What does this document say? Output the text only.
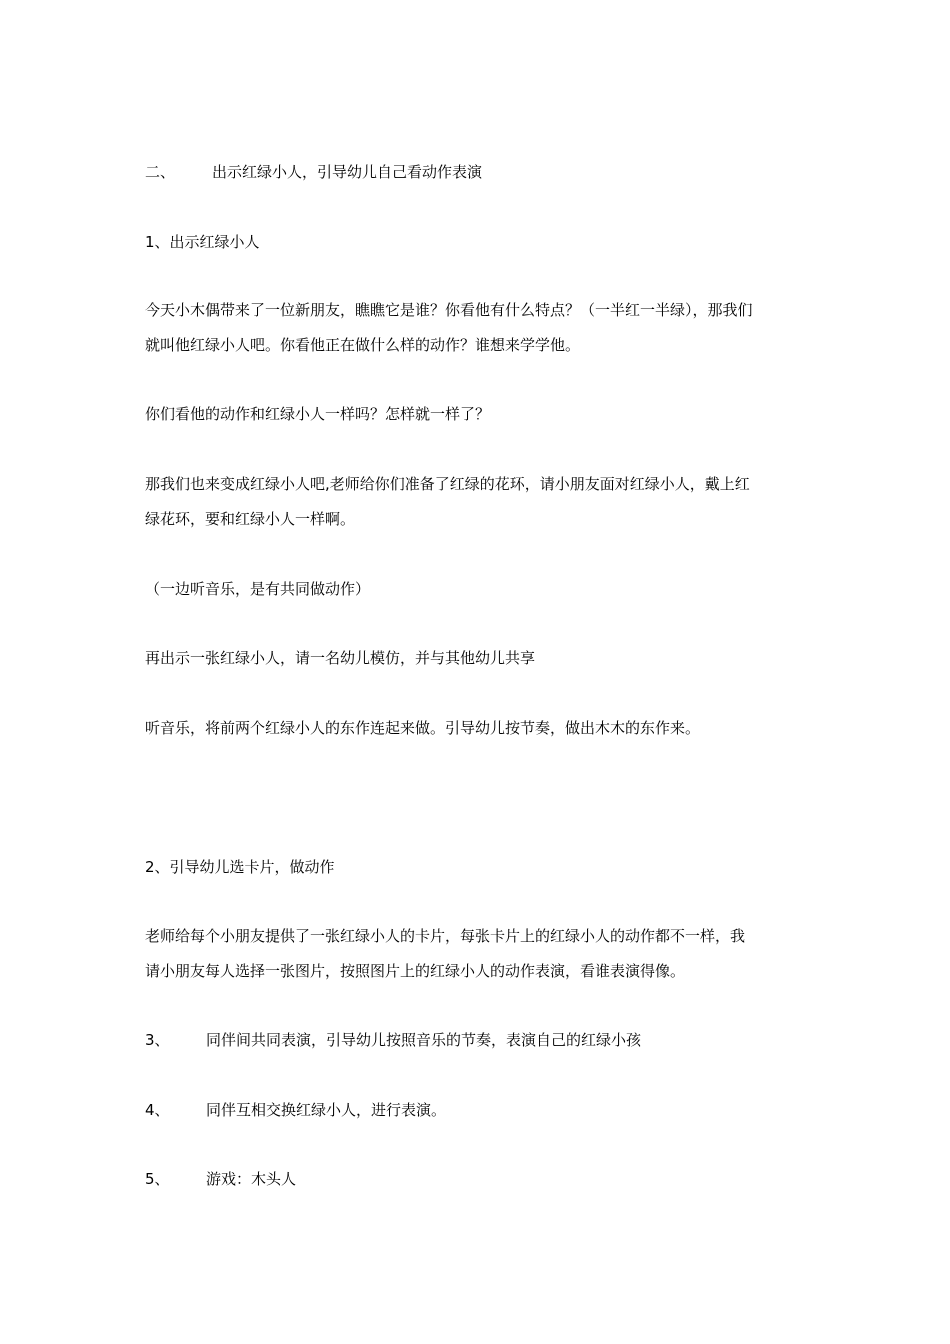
二、 出示红绿小人，引导幼儿自己看动作表演

1、出示红绿小人

今天小木偶带来了一位新朋友，瞧瞧它是谁？你看他有什么特点？（一半红一半绿），那我们
就叫他红绿小人吧。你看他正在做什么样的动作？谁想来学学他。

你们看他的动作和红绿小人一样吗？怎样就一样了？

那我们也来变成红绿小人吧,老师给你们准备了红绿的花环，请小朋友面对红绿小人，戴上红
绿花环，要和红绿小人一样啊。

（一边听音乐，是有共同做动作）

再出示一张红绿小人，请一名幼儿模仿，并与其他幼儿共享

听音乐，将前两个红绿小人的东作连起来做。引导幼儿按节奏，做出木木的东作来。

2、引导幼儿选卡片，做动作

老师给每个小朋友提供了一张红绿小人的卡片，每张卡片上的红绿小人的动作都不一样，我
请小朋友每人选择一张图片，按照图片上的红绿小人的动作表演，看谁表演得像。

3、 同伴间共同表演，引导幼儿按照音乐的节奏，表演自己的红绿小孩

4、 同伴互相交换红绿小人，进行表演。

5、 游戏：木头人
